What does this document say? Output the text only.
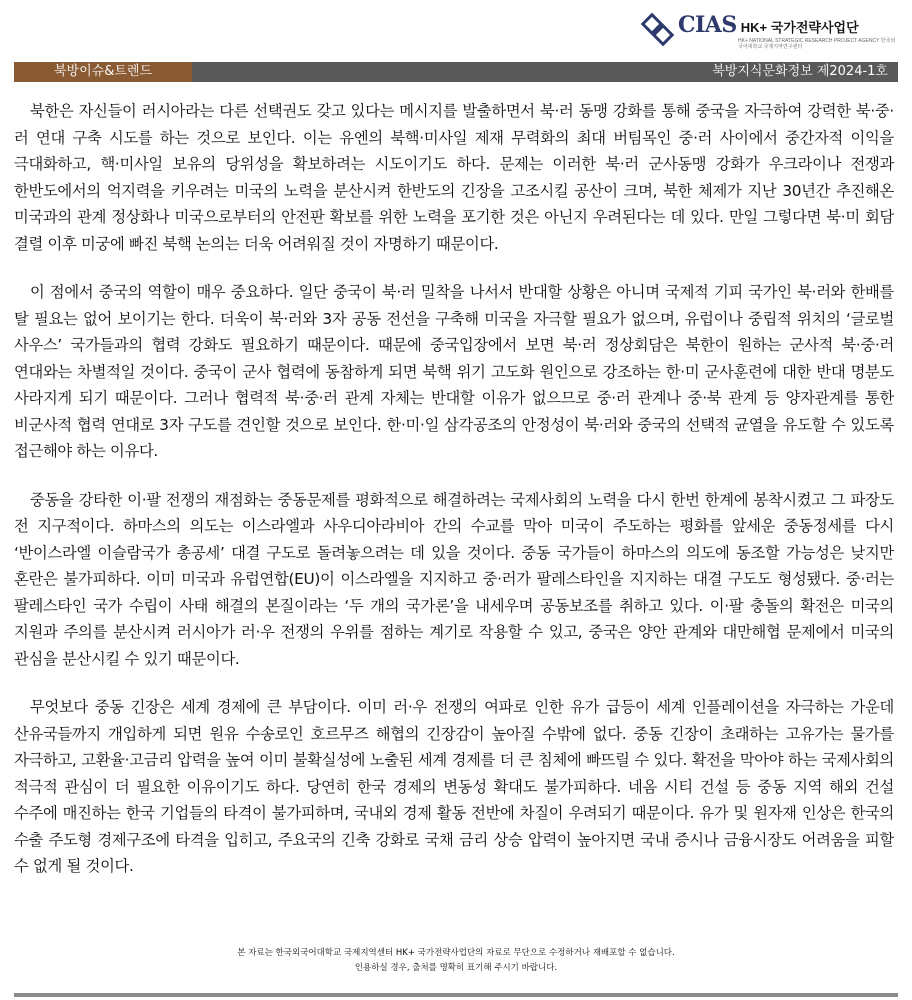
CIAS HK+ 국가전략사업단
HK+ NATIONAL STRATEGIC RESEARCH PROJECT AGENCY 한국외국어대학교 국제지역연구센터
북방이슈&트렌드	북방지식문화정보 제2024-1호

북한은 자신들이 러시아라는 다른 선택권도 갖고 있다는 메시지를 발출하면서 북·러 동맹 강화를 통해 중국을 자극하여 강력한 북·중·러 연대 구축 시도를 하는 것으로 보인다. 이는 유엔의 북핵·미사일 제재 무력화의 최대 버팀목인 중·러 사이에서 중간자적 이익을 극대화하고, 핵·미사일 보유의 당위성을 확보하려는 시도이기도 하다. 문제는 이러한 북·러 군사동맹 강화가 우크라이나 전쟁과 한반도에서의 억지력을 키우려는 미국의 노력을 분산시켜 한반도의 긴장을 고조시킬 공산이 크며, 북한 체제가 지난 30년간 추진해온 미국과의 관계 정상화나 미국으로부터의 안전판 확보를 위한 노력을 포기한 것은 아닌지 우려된다는 데 있다. 만일 그렇다면 북·미 회담 결렬 이후 미궁에 빠진 북핵 논의는 더욱 어려워질 것이 자명하기 때문이다.

이 점에서 중국의 역할이 매우 중요하다. 일단 중국이 북·러 밀착을 나서서 반대할 상황은 아니며 국제적 기피 국가인 북·러와 한배를 탈 필요는 없어 보이기는 한다. 더욱이 북·러와 3자 공동 전선을 구축해 미국을 자극할 필요가 없으며, 유럽이나 중립적 위치의 ‘글로벌 사우스’ 국가들과의 협력 강화도 필요하기 때문이다. 때문에 중국입장에서 보면 북·러 정상회담은 북한이 원하는 군사적 북·중·러 연대와는 차별적일 것이다. 중국이 군사 협력에 동참하게 되면 북핵 위기 고도화 원인으로 강조하는 한·미 군사훈련에 대한 반대 명분도 사라지게 되기 때문이다. 그러나 협력적 북·중·러 관계 자체는 반대할 이유가 없으므로 중·러 관계나 중·북 관계 등 양자관계를 통한 비군사적 협력 연대로 3자 구도를 견인할 것으로 보인다. 한·미·일 삼각공조의 안정성이 북·러와 중국의 선택적 균열을 유도할 수 있도록 접근해야 하는 이유다.

중동을 강타한 이·팔 전쟁의 재점화는 중동문제를 평화적으로 해결하려는 국제사회의 노력을 다시 한번 한계에 봉착시켰고 그 파장도 전 지구적이다. 하마스의 의도는 이스라엘과 사우디아라비아 간의 수교를 막아 미국이 주도하는 평화를 앞세운 중동정세를 다시 ‘반이스라엘 이슬람국가 총공세’ 대결 구도로 돌려놓으려는 데 있을 것이다. 중동 국가들이 하마스의 의도에 동조할 가능성은 낮지만 혼란은 불가피하다. 이미 미국과 유럽연합(EU)이 이스라엘을 지지하고 중·러가 팔레스타인을 지지하는 대결 구도도 형성됐다. 중·러는 팔레스타인 국가 수립이 사태 해결의 본질이라는 ‘두 개의 국가론’을 내세우며 공동보조를 취하고 있다. 이·팔 충돌의 확전은 미국의 지원과 주의를 분산시켜 러시아가 러·우 전쟁의 우위를 점하는 계기로 작용할 수 있고, 중국은 양안 관계와 대만해협 문제에서 미국의 관심을 분산시킬 수 있기 때문이다.

무엇보다 중동 긴장은 세계 경제에 큰 부담이다. 이미 러·우 전쟁의 여파로 인한 유가 급등이 세계 인플레이션을 자극하는 가운데 산유국들까지 개입하게 되면 원유 수송로인 호르무즈 해협의 긴장감이 높아질 수밖에 없다. 중동 긴장이 초래하는 고유가는 물가를 자극하고, 고환율·고금리 압력을 높여 이미 불확실성에 노출된 세계 경제를 더 큰 침체에 빠뜨릴 수 있다. 확전을 막아야 하는 국제사회의 적극적 관심이 더 필요한 이유이기도 하다. 당연히 한국 경제의 변동성 확대도 불가피하다. 네옴 시티 건설 등 중동 지역 해외 건설 수주에 매진하는 한국 기업들의 타격이 불가피하며, 국내외 경제 활동 전반에 차질이 우려되기 때문이다. 유가 및 원자재 인상은 한국의 수출 주도형 경제구조에 타격을 입히고, 주요국의 긴축 강화로 국채 금리 상승 압력이 높아지면 국내 증시나 금융시장도 어려움을 피할 수 없게 될 것이다.

본 자료는 한국외국어대학교 국제지역센터 HK+ 국가전략사업단의 자료로 무단으로 수정하거나 재배포할 수 없습니다.
인용하실 경우, 출처를 명확히 표기해 주시기 바랍니다.
